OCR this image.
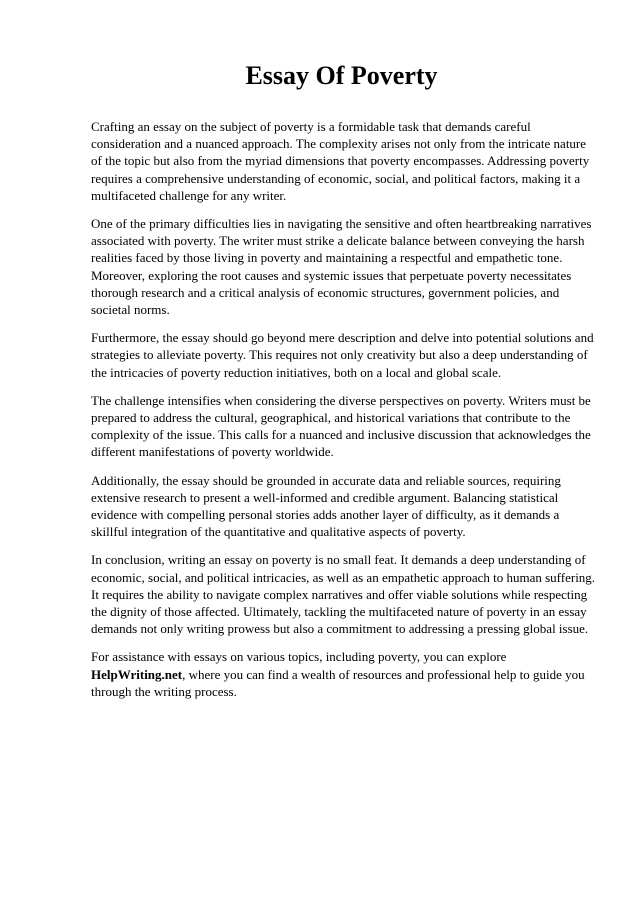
Essay Of Poverty

Crafting an essay on the subject of poverty is a formidable task that demands careful
consideration and a nuanced approach. The complexity arises not only from the intricate nature
of the topic but also from the myriad dimensions that poverty encompasses. Addressing poverty
requires a comprehensive understanding of economic, social, and political factors, making it a
multifaceted challenge for any writer.

One of the primary difficulties lies in navigating the sensitive and often heartbreaking narratives
associated with poverty. The writer must strike a delicate balance between conveying the harsh
realities faced by those living in poverty and maintaining a respectful and empathetic tone.
Moreover, exploring the root causes and systemic issues that perpetuate poverty necessitates
thorough research and a critical analysis of economic structures, government policies, and
societal norms.

Furthermore, the essay should go beyond mere description and delve into potential solutions and
strategies to alleviate poverty. This requires not only creativity but also a deep understanding of
the intricacies of poverty reduction initiatives, both on a local and global scale.

The challenge intensifies when considering the diverse perspectives on poverty. Writers must be
prepared to address the cultural, geographical, and historical variations that contribute to the
complexity of the issue. This calls for a nuanced and inclusive discussion that acknowledges the
different manifestations of poverty worldwide.

Additionally, the essay should be grounded in accurate data and reliable sources, requiring
extensive research to present a well-informed and credible argument. Balancing statistical
evidence with compelling personal stories adds another layer of difficulty, as it demands a
skillful integration of the quantitative and qualitative aspects of poverty.

In conclusion, writing an essay on poverty is no small feat. It demands a deep understanding of
economic, social, and political intricacies, as well as an empathetic approach to human suffering.
It requires the ability to navigate complex narratives and offer viable solutions while respecting
the dignity of those affected. Ultimately, tackling the multifaceted nature of poverty in an essay
demands not only writing prowess but also a commitment to addressing a pressing global issue.

For assistance with essays on various topics, including poverty, you can explore
HelpWriting.net, where you can find a wealth of resources and professional help to guide you
through the writing process.
